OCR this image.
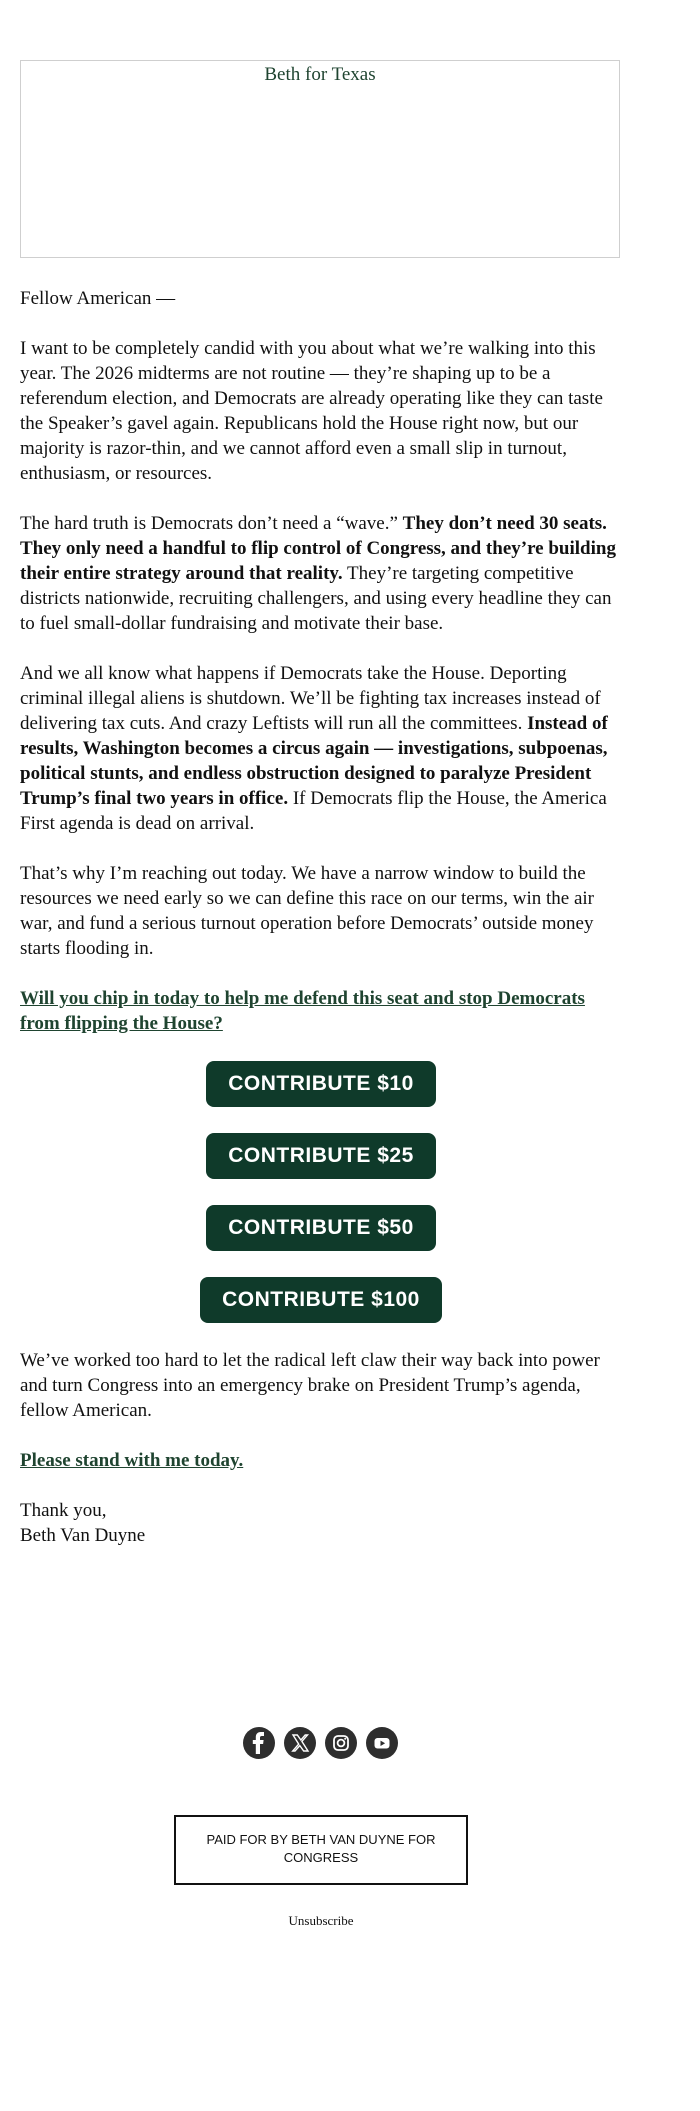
Beth for Texas

Fellow American —

I want to be completely candid with you about what we’re walking into this year. The 2026 midterms are not routine — they’re shaping up to be a referendum election, and Democrats are already operating like they can taste the Speaker’s gavel again. Republicans hold the House right now, but our majority is razor-thin, and we cannot afford even a small slip in turnout, enthusiasm, or resources.

The hard truth is Democrats don’t need a “wave.” They don’t need 30 seats. They only need a handful to flip control of Congress, and they’re building their entire strategy around that reality. They’re targeting competitive districts nationwide, recruiting challengers, and using every headline they can to fuel small-dollar fundraising and motivate their base.

And we all know what happens if Democrats take the House. Deporting criminal illegal aliens is shutdown. We’ll be fighting tax increases instead of delivering tax cuts. And crazy Leftists will run all the committees. Instead of results, Washington becomes a circus again — investigations, subpoenas, political stunts, and endless obstruction designed to paralyze President Trump’s final two years in office. If Democrats flip the House, the America First agenda is dead on arrival.

That’s why I’m reaching out today. We have a narrow window to build the resources we need early so we can define this race on our terms, win the air war, and fund a serious turnout operation before Democrats’ outside money starts flooding in.

Will you chip in today to help me defend this seat and stop Democrats from flipping the House?
CONTRIBUTE $10
CONTRIBUTE $25
CONTRIBUTE $50
CONTRIBUTE $100

We’ve worked too hard to let the radical left claw their way back into power and turn Congress into an emergency brake on President Trump’s agenda, fellow American.

Please stand with me today.

Thank you,

Beth Van Duyne

PAID FOR BY BETH VAN DUYNE FOR CONGRESS
Unsubscribe
